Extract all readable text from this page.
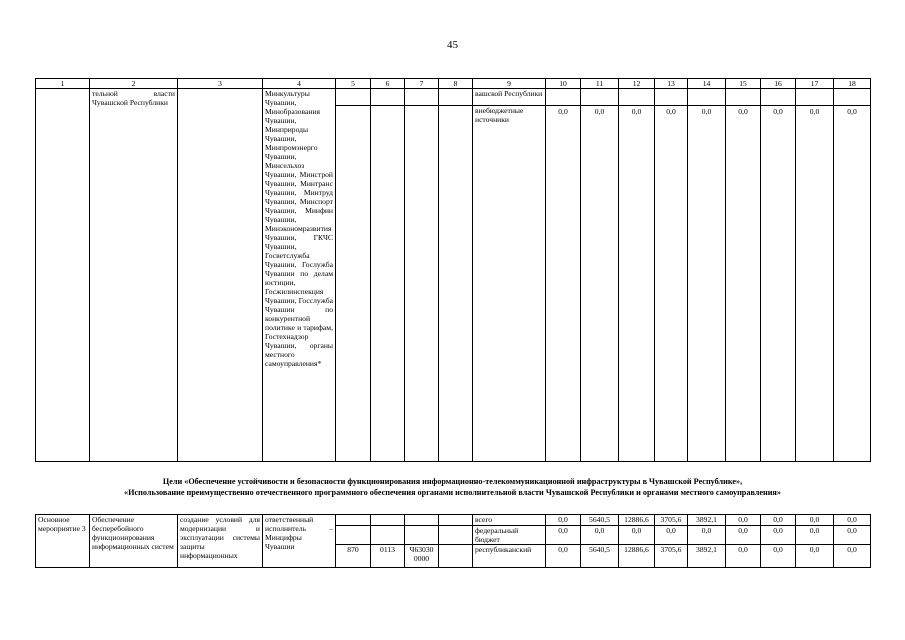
45
1	2	3	4	5	6	7	8	9	10	11	12	13	14	15	16	17	18
	тельной власти Чувашской Республики		Минкультуры Чувашии, Минобразования Чувашии, Минприроды Чувашии, Минпромэнерго Чувашии, Минсельхоз Чувашии, Минстрой Чувашии, Минтранс Чувашии, Минтруд Чувашии, Минспорт Чувашии, Минфин Чувашии, Минэкономразвития Чувашии, ГКЧС Чувашии, Госветслужба Чувашии, Гослужба Чувашии по делам юстиции, Госжилинспекция Чувашии, Госслужба Чувашии по конкурентной политике и тарифам, Гостехнадзор Чувашии, органы местного самоуправления*					вашской Республики									
								внебюджетные источники	0,0	0,0	0,0	0,0	0,0	0,0	0,0	0,0	0,0
Цели «Обеспечение устойчивости и безопасности функционирования информационно-телекоммуникационной инфраструктуры в Чувашской Республике»,
«Использование преимущественно отечественного программного обеспечения органами исполнительной власти Чувашской Республики и органами местного самоуправления»
Основное мероприятие 3	Обеспечение бесперебойного функционирования информационных систем	создание условий для модернизации и эксплуатации системы защиты информационных	ответственный исполнитель – Минцифры Чувашии					всего	0,0	5640,5	12886,6	3705,6	3892,1	0,0	0,0	0,0	0,0
								федеральный бюджет	0,0	0,0	0,0	0,0	0,0	0,0	0,0	0,0	0,0
				870	0113	Ч63030 0000		республиканский	0,0	5640,5	12886,6	3705,6	3892,1	0,0	0,0	0,0	0,0
